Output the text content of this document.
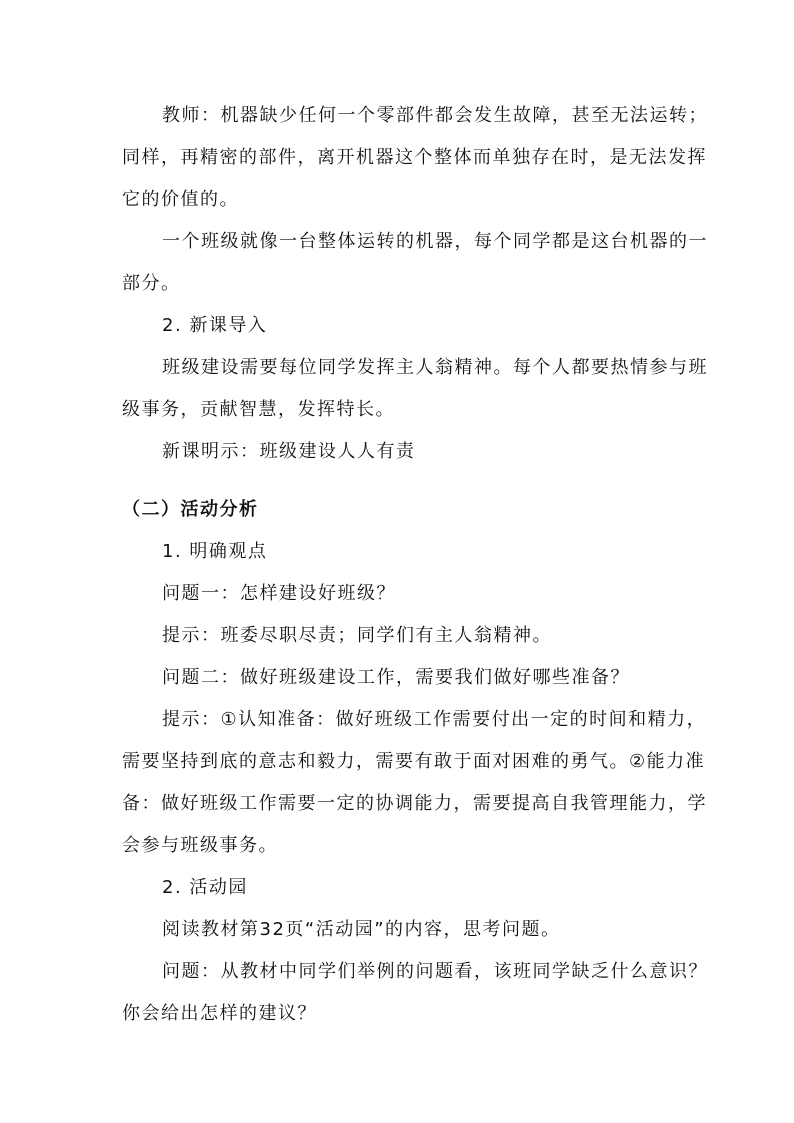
教师：机器缺少任何一个零部件都会发生故障，甚至无法运转；
同样，再精密的部件，离开机器这个整体而单独存在时，是无法发挥
它的价值的。
一个班级就像一台整体运转的机器，每个同学都是这台机器的一
部分。
2. 新课导入
班级建设需要每位同学发挥主人翁精神。每个人都要热情参与班
级事务，贡献智慧，发挥特长。
新课明示：班级建设人人有责
（二）活动分析
1. 明确观点
问题一：怎样建设好班级？
提示：班委尽职尽责；同学们有主人翁精神。
问题二：做好班级建设工作，需要我们做好哪些准备？
提示：①认知准备：做好班级工作需要付出一定的时间和精力，
需要坚持到底的意志和毅力，需要有敢于面对困难的勇气。②能力准
备：做好班级工作需要一定的协调能力，需要提高自我管理能力，学
会参与班级事务。
2. 活动园
阅读教材第32页“活动园”的内容，思考问题。
问题：从教材中同学们举例的问题看，该班同学缺乏什么意识？
你会给出怎样的建议？
